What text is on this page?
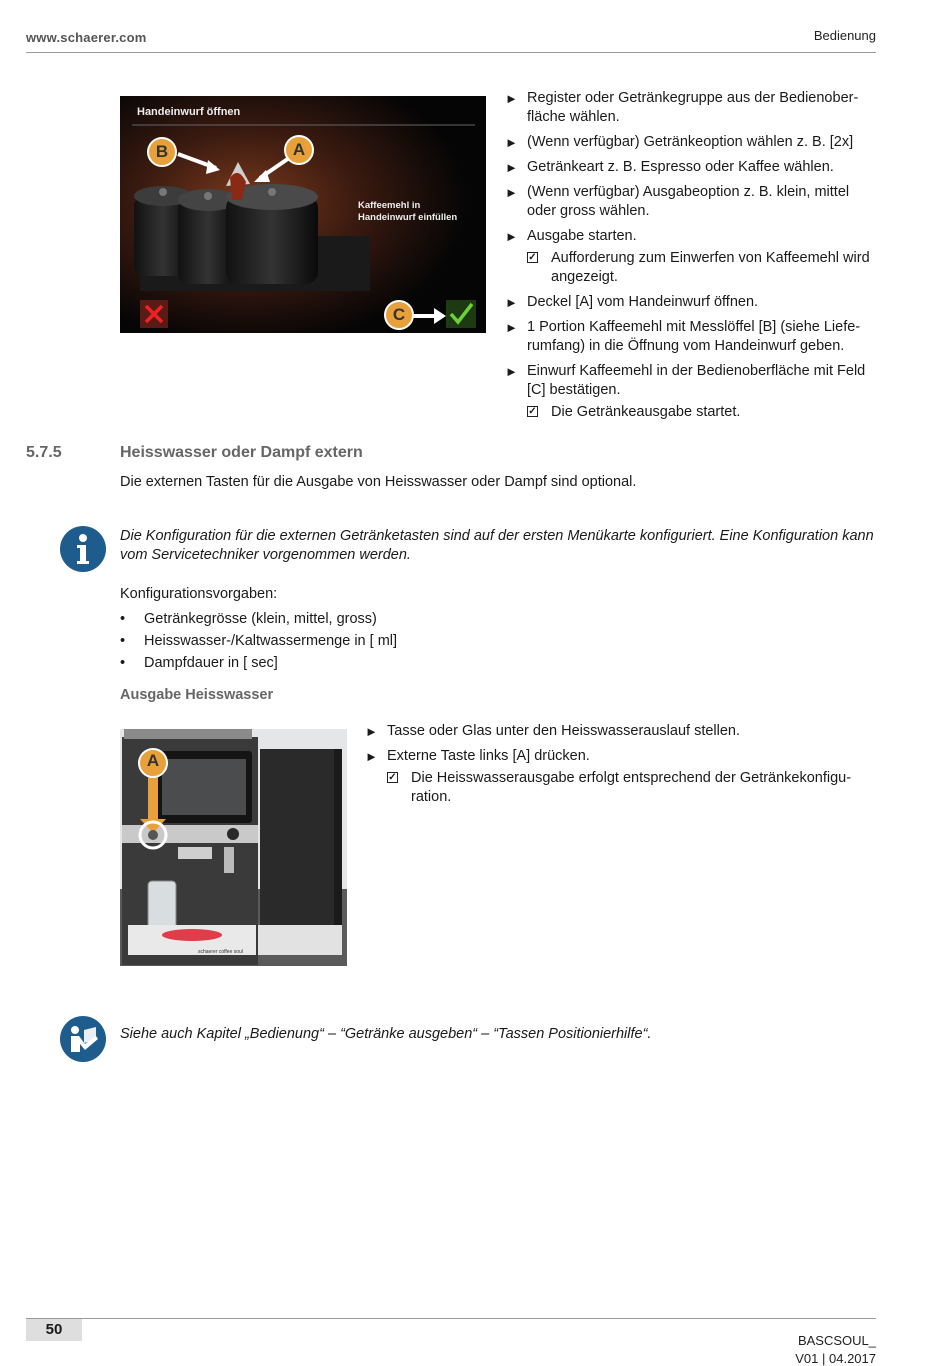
www.schaerer.com	Bedienung
Handeinwurf öffnen
Kaffeemehl in Handeinwurf einfüllen
B	A
C
► Register oder Getränkegruppe aus der Bedienoberfläche wählen.
► (Wenn verfügbar) Getränkeoption wählen z. B. [2x]
► Getränkeart z. B. Espresso oder Kaffee wählen.
► (Wenn verfügbar) Ausgabeoption z. B. klein, mittel oder gross wählen.
► Ausgabe starten.
✓ Aufforderung zum Einwerfen von Kaffeemehl wird angezeigt.
► Deckel [A] vom Handeinwurf öffnen.
► 1 Portion Kaffeemehl mit Messlöffel [B] (siehe Lieferumfang) in die Öffnung vom Handeinwurf geben.
► Einwurf Kaffeemehl in der Bedienoberfläche mit Feld [C] bestätigen.
✓ Die Getränkeausgabe startet.
5.7.5	Heisswasser oder Dampf extern
Die externen Tasten für die Ausgabe von Heisswasser oder Dampf sind optional.
Die Konfiguration für die externen Getränketasten sind auf der ersten Menükarte konfiguriert. Eine Konfiguration kann vom Servicetechniker vorgenommen werden.
Konfigurationsvorgaben:
• Getränkegrösse (klein, mittel, gross)
• Heisswasser-/Kaltwassermenge in [ ml]
• Dampfdauer in [ sec]
Ausgabe Heisswasser
A
schaerer coffee soul
► Tasse oder Glas unter den Heisswasserauslauf stellen.
► Externe Taste links [A] drücken.
✓ Die Heisswasserausgabe erfolgt entsprechend der Getränkekonfiguration.
Siehe auch Kapitel „Bedienung“ – “Getränke ausgeben“ – “Tassen Positionierhilfe“.
50
BASCSOUL_
V01 | 04.2017
